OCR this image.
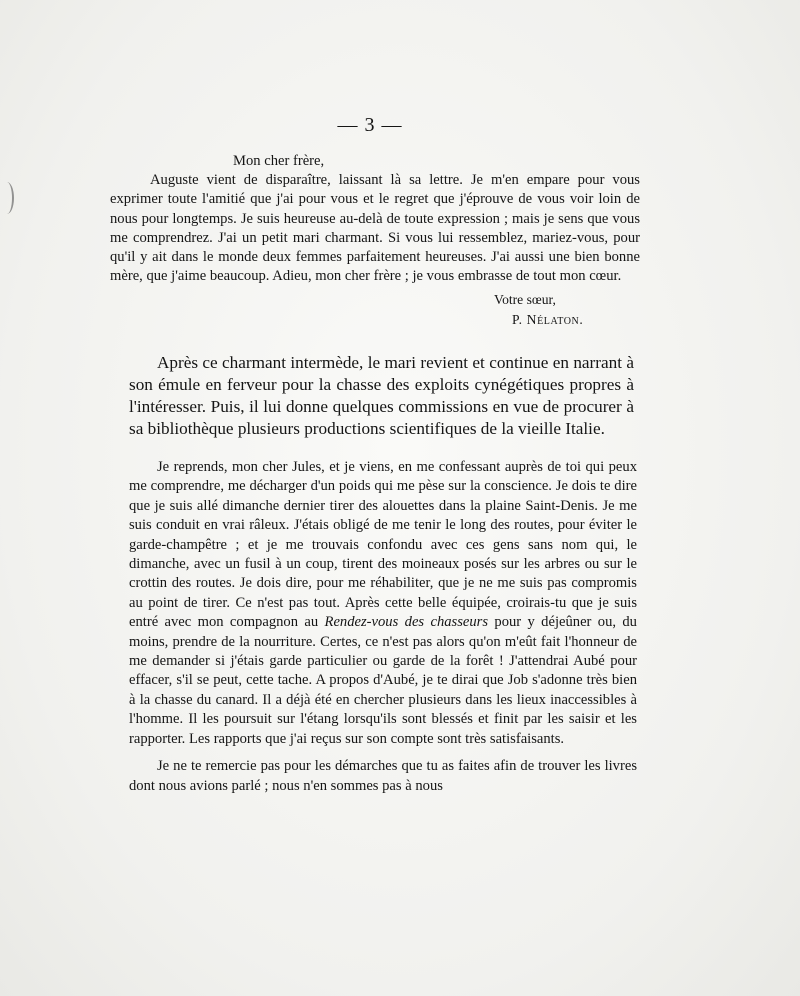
— 3 —

Mon cher frère,

Auguste vient de disparaître, laissant là sa lettre. Je m'en empare pour vous exprimer toute l'amitié que j'ai pour vous et le regret que j'éprouve de vous voir loin de nous pour longtemps. Je suis heureuse au-delà de toute expression ; mais je sens que vous me comprendrez. J'ai un petit mari charmant. Si vous lui ressemblez, mariez-vous, pour qu'il y ait dans le monde deux femmes parfaitement heureuses. J'ai aussi une bien bonne mère, que j'aime beaucoup. Adieu, mon cher frère ; je vous embrasse de tout mon cœur.

Votre sœur,
P. Nélaton.

Après ce charmant intermède, le mari revient et continue en narrant à son émule en ferveur pour la chasse des exploits cynégétiques propres à l'intéresser. Puis, il lui donne quelques commissions en vue de procurer à sa bibliothèque plusieurs productions scientifiques de la vieille Italie.

Je reprends, mon cher Jules, et je viens, en me confessant auprès de toi qui peux me comprendre, me décharger d'un poids qui me pèse sur la conscience. Je dois te dire que je suis allé dimanche dernier tirer des alouettes dans la plaine Saint-Denis. Je me suis conduit en vrai râleux. J'étais obligé de me tenir le long des routes, pour éviter le garde-champêtre ; et je me trouvais confondu avec ces gens sans nom qui, le dimanche, avec un fusil à un coup, tirent des moineaux posés sur les arbres ou sur le crottin des routes. Je dois dire, pour me réhabiliter, que je ne me suis pas compromis au point de tirer. Ce n'est pas tout. Après cette belle équipée, croirais-tu que je suis entré avec mon compagnon au Rendez-vous des chasseurs pour y déjeûner ou, du moins, prendre de la nourriture. Certes, ce n'est pas alors qu'on m'eût fait l'honneur de me demander si j'étais garde particulier ou garde de la forêt ! J'attendrai Aubé pour effacer, s'il se peut, cette tache. A propos d'Aubé, je te dirai que Job s'adonne très bien à la chasse du canard. Il a déjà été en chercher plusieurs dans les lieux inaccessibles à l'homme. Il les poursuit sur l'étang lorsqu'ils sont blessés et finit par les saisir et les rapporter. Les rapports que j'ai reçus sur son compte sont très satisfaisants.

Je ne te remercie pas pour les démarches que tu as faites afin de trouver les livres dont nous avions parlé ; nous n'en sommes pas à nous
